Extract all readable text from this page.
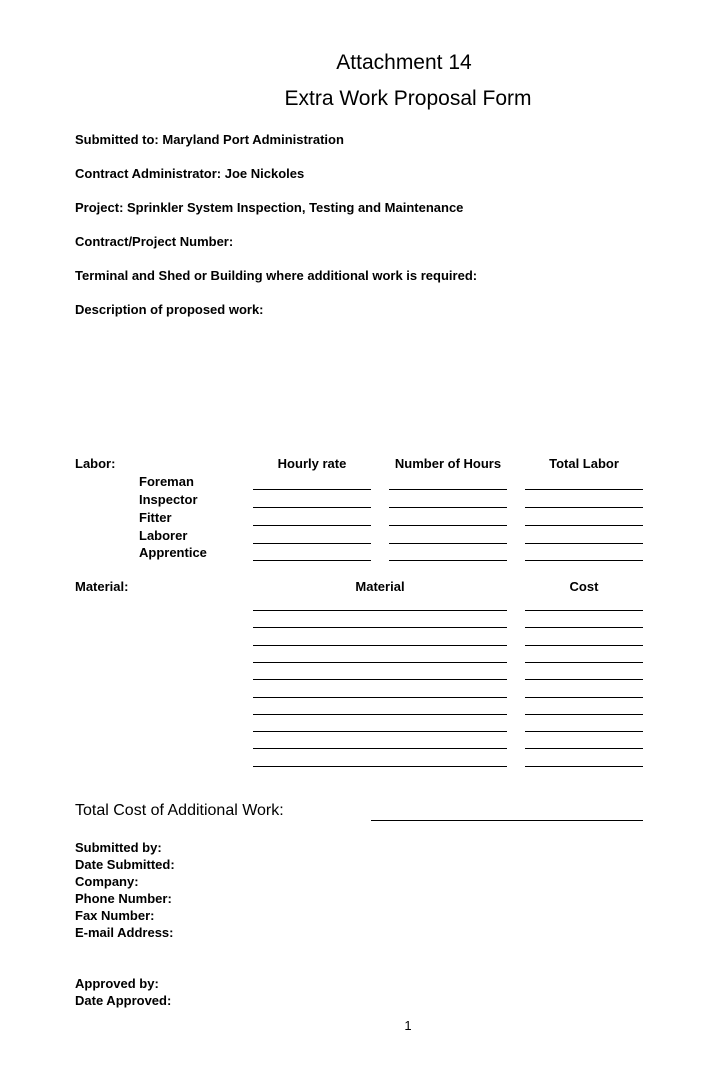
Attachment 14
Extra Work Proposal Form
Submitted to: Maryland Port Administration
Contract Administrator: Joe Nickoles
Project: Sprinkler System Inspection, Testing and Maintenance
Contract/Project Number:
Terminal and Shed or Building where additional work is required:
Description of proposed work:
Labor:	Hourly rate	Number of Hours	Total Labor
Foreman
Inspector
Fitter
Laborer
Apprentice
Material:	Material	Cost
Total Cost of Additional Work:
Submitted by:
Date Submitted:
Company:
Phone Number:
Fax Number:
E-mail Address:
Approved by:
Date Approved:
1
